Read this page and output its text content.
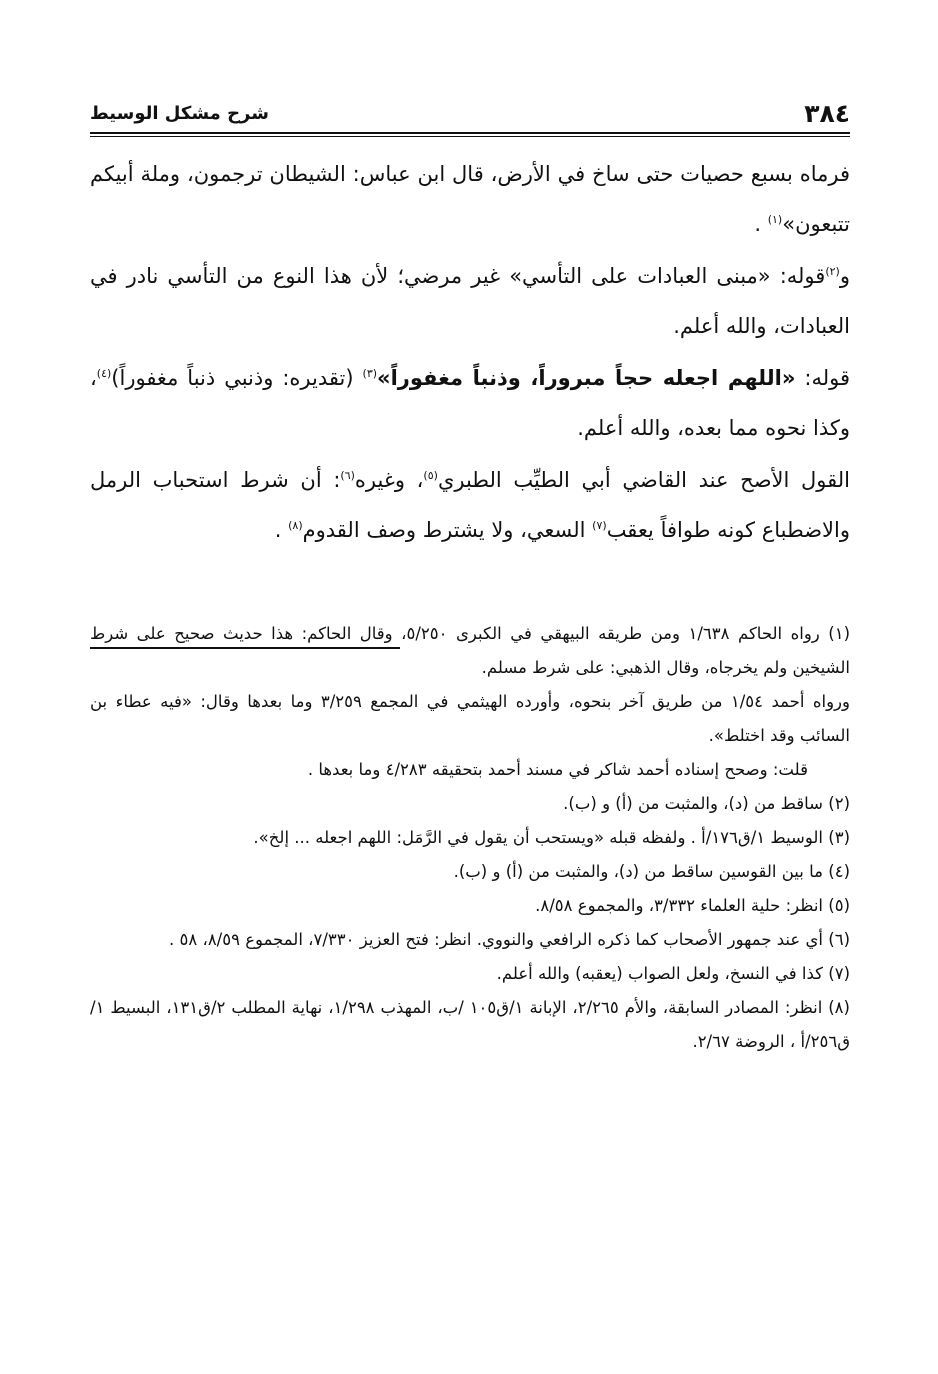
٣٨٤
شرح مشكل الوسيط

فرماه بسبع حصيات حتى ساخ في الأرض، قال ابن عباس: الشيطان ترجمون، وملة أبيكم تتبعون»$^{(١)}$ .

و$^{(٢)}$قوله: «مبنى العبادات على التأسي» غير مرضي؛ لأن هذا النوع من التأسي نادر في العبادات، والله أعلم.

قوله: «اللهم اجعله حجاً مبروراً، وذنباً مغفوراً»$^{(٣)}$ (تقديره: وذنبي ذنباً مغفوراً)$^{(٤)}$، وكذا نحوه مما بعده، والله أعلم.

القول الأصح عند القاضي أبي الطيِّب الطبري$^{(٥)}$، وغيره$^{(٦)}$: أن شرط استحباب الرمل والاضطباع كونه طوافاً يعقب$^{(٧)}$ السعي، ولا يشترط وصف القدوم$^{(٨)}$ .

(١) رواه الحاكم ١/٦٣٨ ومن طريقه البيهقي في الكبرى ٥/٢٥٠، وقال الحاكم: هذا حديث صحيح على شرط الشيخين ولم يخرجاه، وقال الذهبي: على شرط مسلم.

ورواه أحمد ١/٥٤ من طريق آخر بنحوه، وأورده الهيثمي في المجمع ٣/٢٥٩ وما بعدها وقال: «فيه عطاء بن السائب وقد اختلط».

قلت: وصحح إسناده أحمد شاكر في مسند أحمد بتحقيقه ٤/٢٨٣ وما بعدها .

(٢) ساقط من (د)، والمثبت من (أ) و (ب).

(٣) الوسيط ١/ق١٧٦/أ . ولفظه قبله «ويستحب أن يقول في الرَّمَل: اللهم اجعله ... إلخ».

(٤) ما بين القوسين ساقط من (د)، والمثبت من (أ) و (ب).

(٥) انظر: حلية العلماء ٣/٣٣٢، والمجموع ٨/٥٨.

(٦) أي عند جمهور الأصحاب كما ذكره الرافعي والنووي. انظر: فتح العزيز ٧/٣٣٠، المجموع ٨/٥٩، ٥٨ .

(٧) كذا في النسخ، ولعل الصواب (يعقبه) والله أعلم.

(٨) انظر: المصادر السابقة، والأم ٢/٢٦٥، الإبانة ١/ق١٠٥ /ب، المهذب ١/٢٩٨، نهاية المطلب ٢/ق١٣١، البسيط ١/ق٢٥٦/أ ، الروضة ٢/٦٧.
